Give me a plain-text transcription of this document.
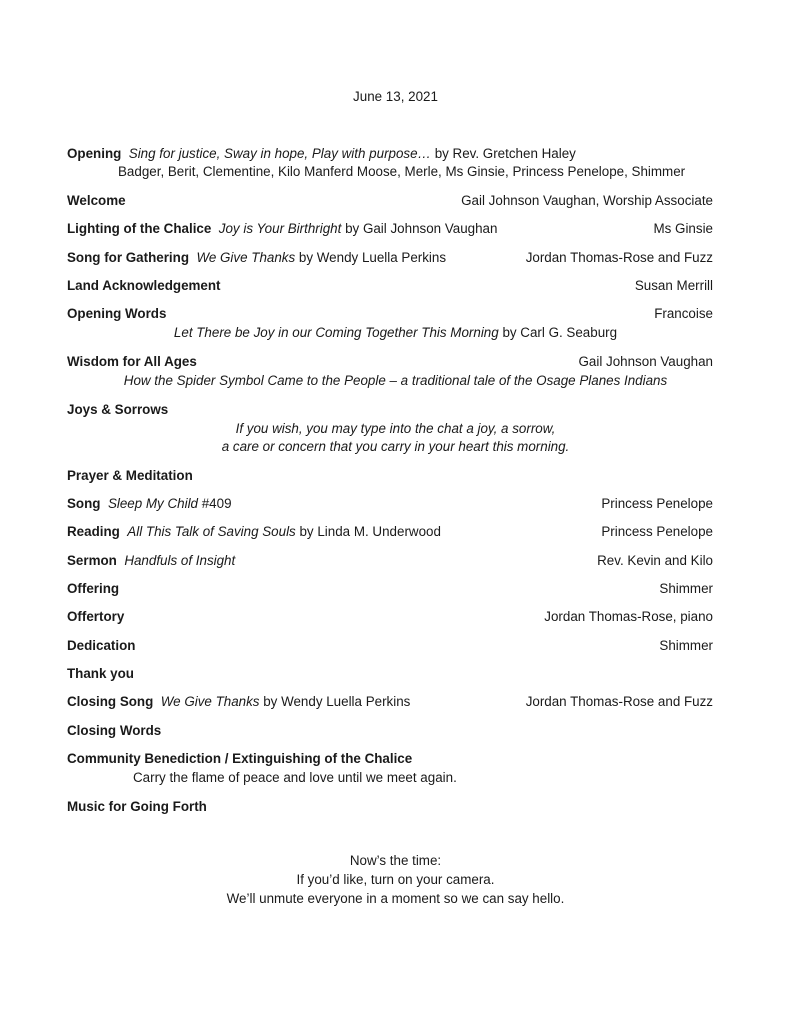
June 13, 2021
Opening Sing for justice, Sway in hope, Play with purpose… by Rev. Gretchen Haley
Badger, Berit, Clementine, Kilo Manferd Moose, Merle, Ms Ginsie, Princess Penelope, Shimmer
Welcome	Gail Johnson Vaughan, Worship Associate
Lighting of the Chalice Joy is Your Birthright by Gail Johnson Vaughan	Ms Ginsie
Song for Gathering We Give Thanks by Wendy Luella Perkins	Jordan Thomas-Rose and Fuzz
Land Acknowledgement	Susan Merrill
Opening Words	Francoise
Let There be Joy in our Coming Together This Morning by Carl G. Seaburg
Wisdom for All Ages	Gail Johnson Vaughan
How the Spider Symbol Came to the People – a traditional tale of the Osage Planes Indians
Joys & Sorrows
If you wish, you may type into the chat a joy, a sorrow,
a care or concern that you carry in your heart this morning.
Prayer & Meditation
Song Sleep My Child #409	Princess Penelope
Reading All This Talk of Saving Souls by Linda M. Underwood	Princess Penelope
Sermon Handfuls of Insight	Rev. Kevin and Kilo
Offering	Shimmer
Offertory	Jordan Thomas-Rose, piano
Dedication	Shimmer
Thank you
Closing Song We Give Thanks by Wendy Luella Perkins	Jordan Thomas-Rose and Fuzz
Closing Words
Community Benediction / Extinguishing of the Chalice
Carry the flame of peace and love until we meet again.
Music for Going Forth
Now’s the time:
If you’d like, turn on your camera.
We’ll unmute everyone in a moment so we can say hello.
